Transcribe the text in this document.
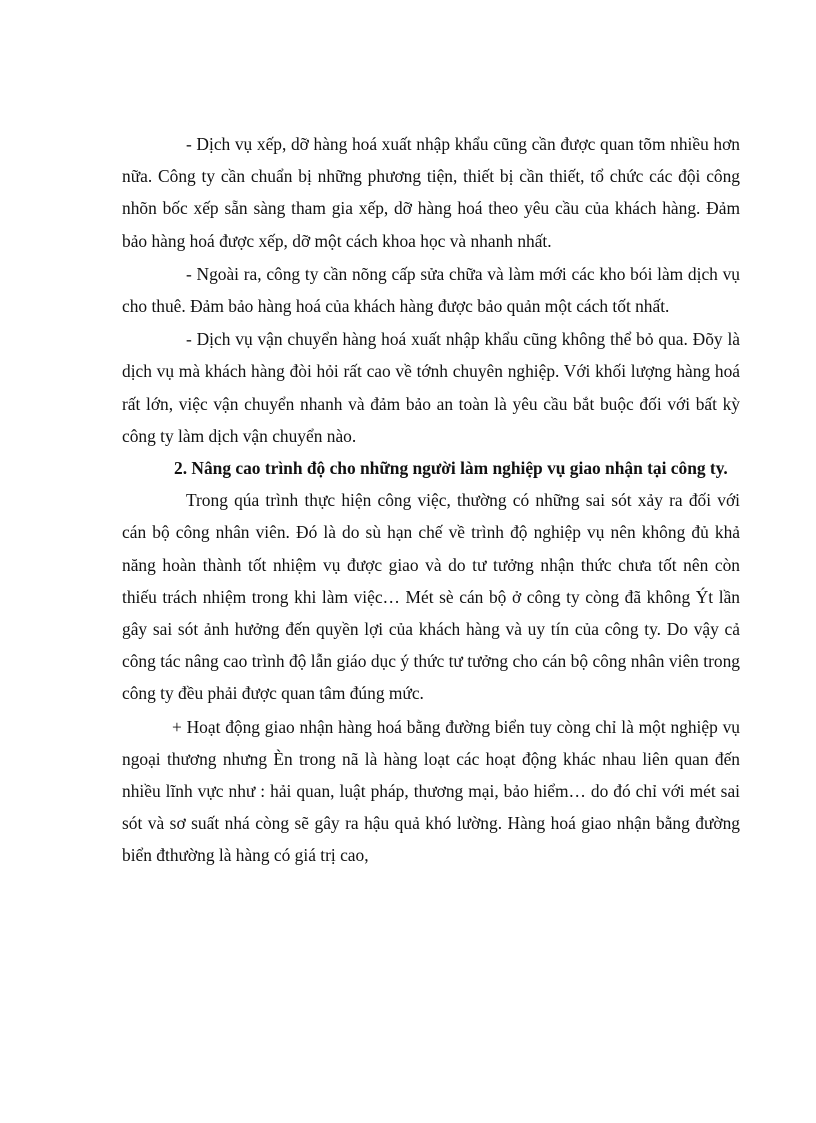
- Dịch vụ xếp, dỡ hàng hoá xuất nhập khẩu cũng cần được quan tõm nhiều hơn nữa. Công ty cần chuẩn bị những phương tiện, thiết bị cần thiết, tổ chức các đội công nhõn bốc xếp sẵn sàng tham gia xếp, dỡ hàng hoá theo yêu cầu của khách hàng. Đảm bảo hàng hoá được xếp, dỡ một cách khoa học và nhanh nhất.

- Ngoài ra, công ty cần nõng cấp sửa chữa và làm mới các kho bói làm dịch vụ cho thuê. Đảm bảo hàng hoá của khách hàng được bảo quản một cách tốt nhất.

- Dịch vụ vận chuyển hàng hoá xuất nhập khẩu cũng không thể bỏ qua. Đõy là dịch vụ mà khách hàng đòi hỏi rất cao về tớnh chuyên nghiệp. Với khối lượng hàng hoá rất lớn, việc vận chuyển nhanh và đảm bảo an toàn là yêu cầu bắt buộc đối với bất kỳ công ty làm dịch vận chuyển nào.

2. Nâng cao trình độ cho những người làm nghiệp vụ giao nhận tại công ty.

Trong qúa trình thực hiện công việc, thường có những sai sót xảy ra đối với cán bộ công nhân viên. Đó là do sù hạn chế về trình độ nghiệp vụ nên không đủ khả năng hoàn thành tốt nhiệm vụ được giao và do tư tưởng nhận thức chưa tốt nên còn thiếu trách nhiệm trong khi làm việc… Mét sè cán bộ ở công ty còng đã không Ýt lần gây sai sót ảnh hưởng đến quyền lợi của khách hàng và uy tín của công ty. Do vậy cả công tác nâng cao trình độ lẫn giáo dục ý thức tư tưởng cho cán bộ công nhân viên trong công ty đều phải được quan tâm đúng mức.

+ Hoạt động giao nhận hàng hoá bằng đường biển tuy còng chỉ là một nghiệp vụ ngoại thương nhưng Èn trong nã là hàng loạt các hoạt động khác nhau liên quan đến nhiều lĩnh vực như : hải quan, luật pháp, thương mại, bảo hiểm… do đó chỉ với mét sai sót và sơ suất nhá còng sẽ gây ra hậu quả khó lường. Hàng hoá giao nhận bằng đường biển đthường là hàng có giá trị cao,
